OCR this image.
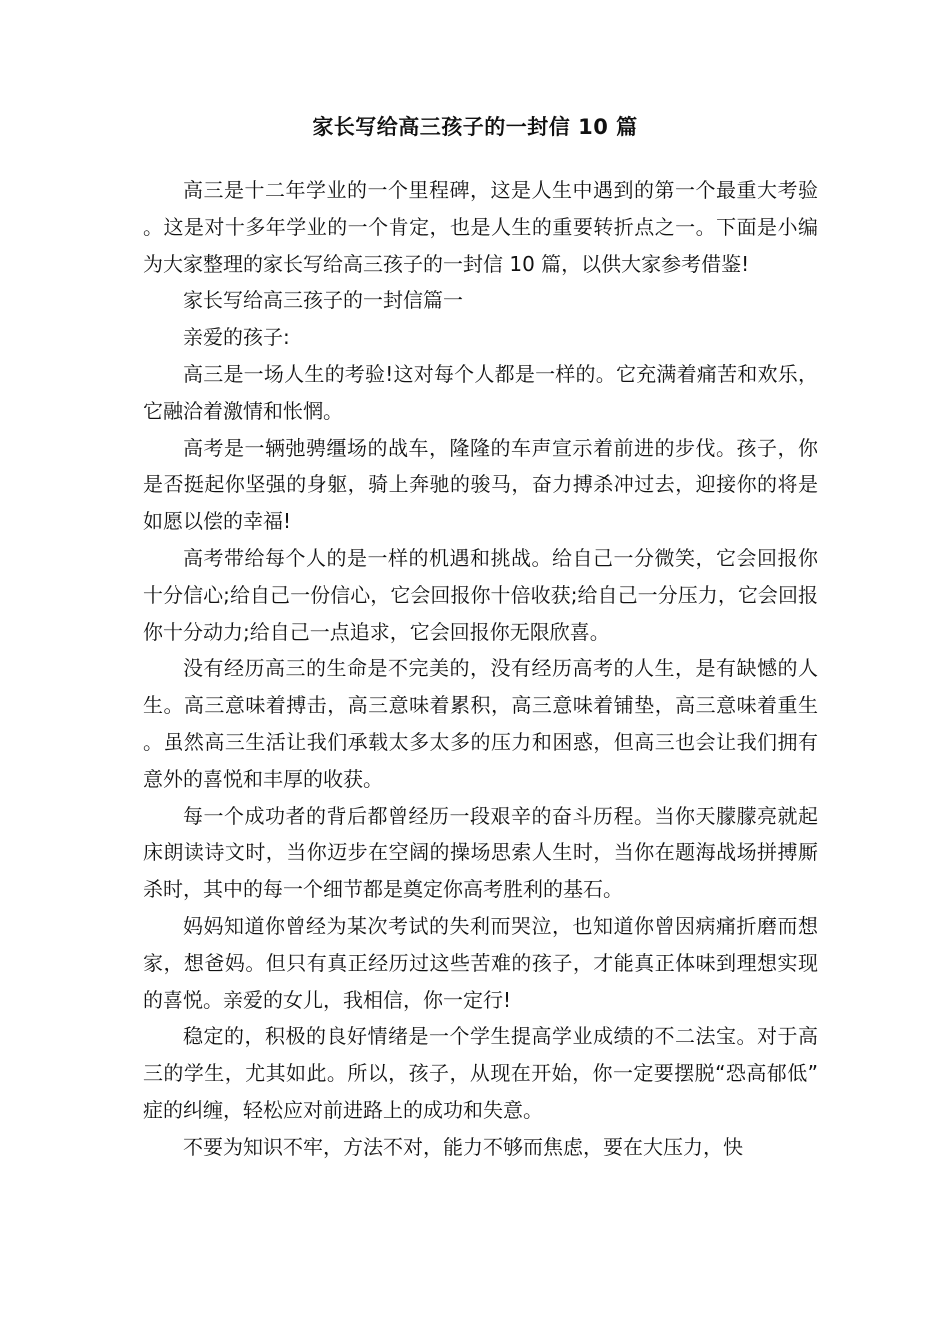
家长写给高三孩子的一封信 10 篇

高三是十二年学业的一个里程碑，这是人生中遇到的第一个最重大考验。这是对十多年学业的一个肯定，也是人生的重要转折点之一。下面是小编为大家整理的家长写给高三孩子的一封信 10 篇，以供大家参考借鉴!

家长写给高三孩子的一封信篇一

亲爱的孩子:

高三是一场人生的考验!这对每个人都是一样的。它充满着痛苦和欢乐，它融洽着激情和怅惘。

高考是一辆弛骋缰场的战车，隆隆的车声宣示着前进的步伐。孩子，你是否挺起你坚强的身躯，骑上奔驰的骏马，奋力搏杀冲过去，迎接你的将是如愿以偿的幸福!

高考带给每个人的是一样的机遇和挑战。给自己一分微笑，它会回报你十分信心;给自己一份信心，它会回报你十倍收获;给自己一分压力，它会回报你十分动力;给自己一点追求，它会回报你无限欣喜。

没有经历高三的生命是不完美的，没有经历高考的人生，是有缺憾的人生。高三意味着搏击，高三意味着累积，高三意味着铺垫，高三意味着重生。虽然高三生活让我们承载太多太多的压力和困惑，但高三也会让我们拥有意外的喜悦和丰厚的收获。

每一个成功者的背后都曾经历一段艰辛的奋斗历程。当你天朦朦亮就起床朗读诗文时，当你迈步在空阔的操场思索人生时，当你在题海战场拼搏厮杀时，其中的每一个细节都是奠定你高考胜利的基石。

妈妈知道你曾经为某次考试的失利而哭泣，也知道你曾因病痛折磨而想家，想爸妈。但只有真正经历过这些苦难的孩子，才能真正体味到理想实现的喜悦。亲爱的女儿，我相信，你一定行!

稳定的，积极的良好情绪是一个学生提高学业成绩的不二法宝。对于高三的学生，尤其如此。所以，孩子，从现在开始，你一定要摆脱“恐高郁低”症的纠缠，轻松应对前进路上的成功和失意。

不要为知识不牢，方法不对，能力不够而焦虑，要在大压力，快
